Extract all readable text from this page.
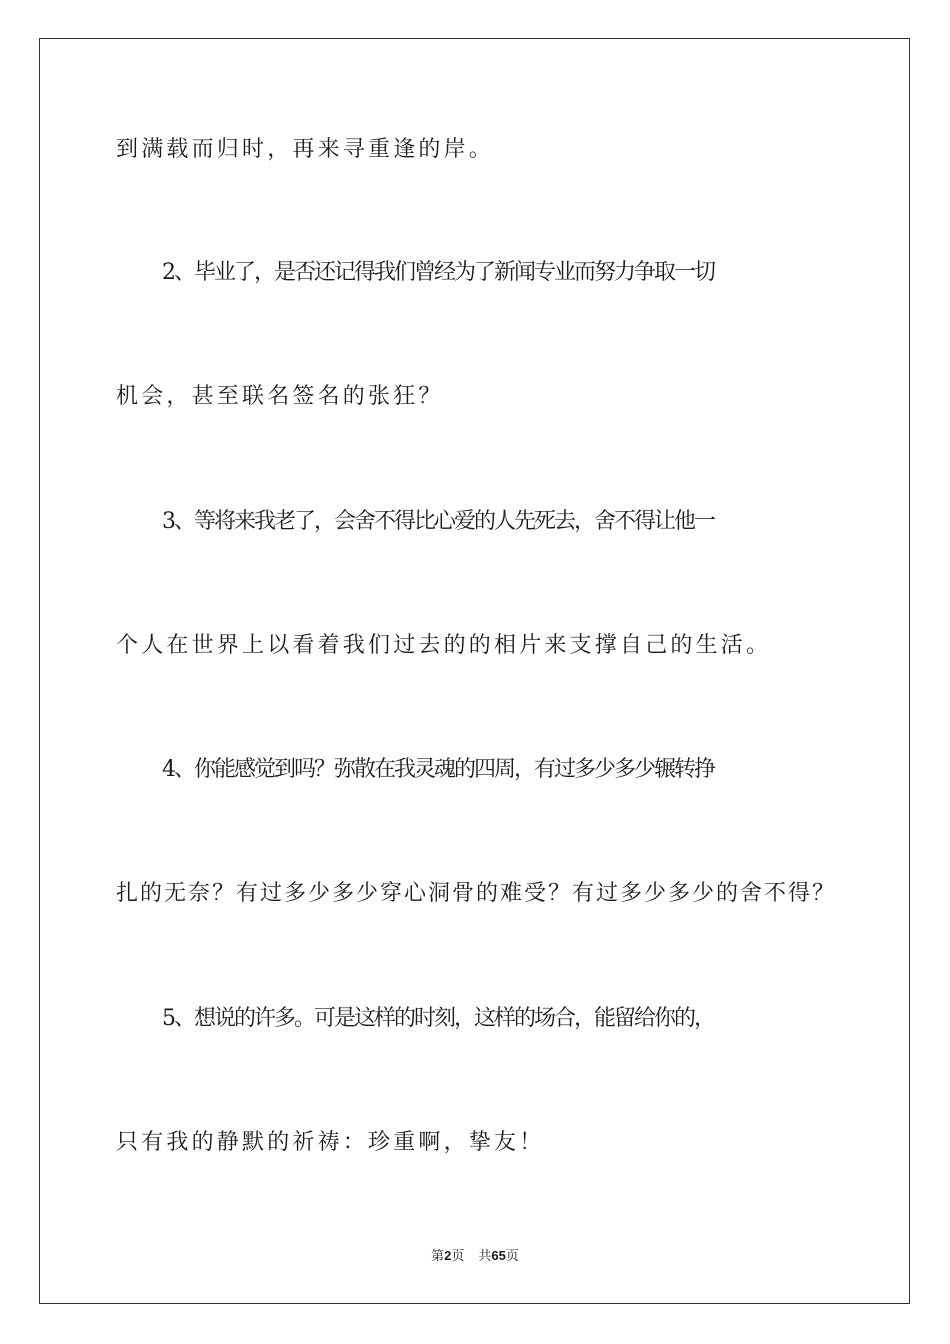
到满载而归时，再来寻重逢的岸。
2、毕业了，是否还记得我们曾经为了新闻专业而努力争取一切
机会，甚至联名签名的张狂？
3、等将来我老了，会舍不得比心爱的人先死去，舍不得让他一
个人在世界上以看着我们过去的的相片来支撑自己的生活。
4、你能感觉到吗？弥散在我灵魂的四周，有过多少多少辗转挣
扎的无奈？有过多少多少穿心洞骨的难受？有过多少多少的舍不得？
5、想说的许多。可是这样的时刻，这样的场合，能留给你的，
只有我的静默的祈祷：珍重啊，挚友！
第2页 共65页
